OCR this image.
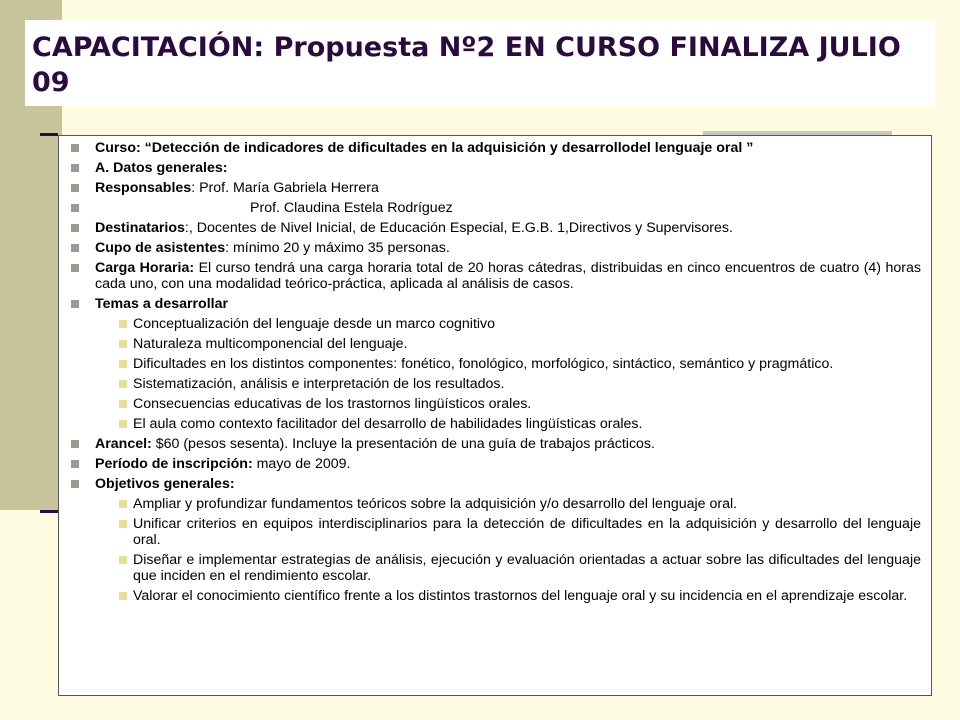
CAPACITACIÓN: Propuesta Nº2 EN CURSO FINALIZA JULIO 09
Curso: “Detección de indicadores de dificultades en la adquisición y desarrollodel lenguaje oral ”
A. Datos generales:
Responsables: Prof. María Gabriela Herrera
Prof. Claudina Estela Rodríguez
Destinatarios:, Docentes de Nivel Inicial, de Educación Especial, E.G.B. 1,Directivos y Supervisores.
Cupo de asistentes: mínimo 20 y máximo 35 personas.
Carga Horaria: El curso tendrá una carga horaria total de 20 horas cátedras, distribuidas en cinco encuentros de cuatro (4) horas cada uno, con una modalidad teórico-práctica, aplicada al análisis de casos.
Temas a desarrollar
Conceptualización del lenguaje desde un marco cognitivo
Naturaleza multicomponencial del lenguaje.
Dificultades en los distintos componentes: fonético, fonológico, morfológico, sintáctico, semántico y pragmático.
Sistematización, análisis e interpretación de los resultados.
Consecuencias educativas de los trastornos lingüísticos orales.
El aula como contexto facilitador del desarrollo de habilidades lingüísticas orales.
Arancel: $60 (pesos sesenta). Incluye la presentación de una guía de trabajos prácticos.
Período de inscripción: mayo de 2009.
Objetivos generales:
Ampliar y profundizar fundamentos teóricos sobre la adquisición y/o desarrollo del lenguaje oral.
Unificar criterios en equipos interdisciplinarios para la detección de dificultades en la adquisición y desarrollo del lenguaje oral.
Diseñar e implementar estrategias de análisis, ejecución y evaluación orientadas a actuar sobre las dificultades del lenguaje que inciden en el rendimiento escolar.
Valorar el conocimiento científico frente a los distintos trastornos del lenguaje oral y su incidencia en el aprendizaje escolar.
